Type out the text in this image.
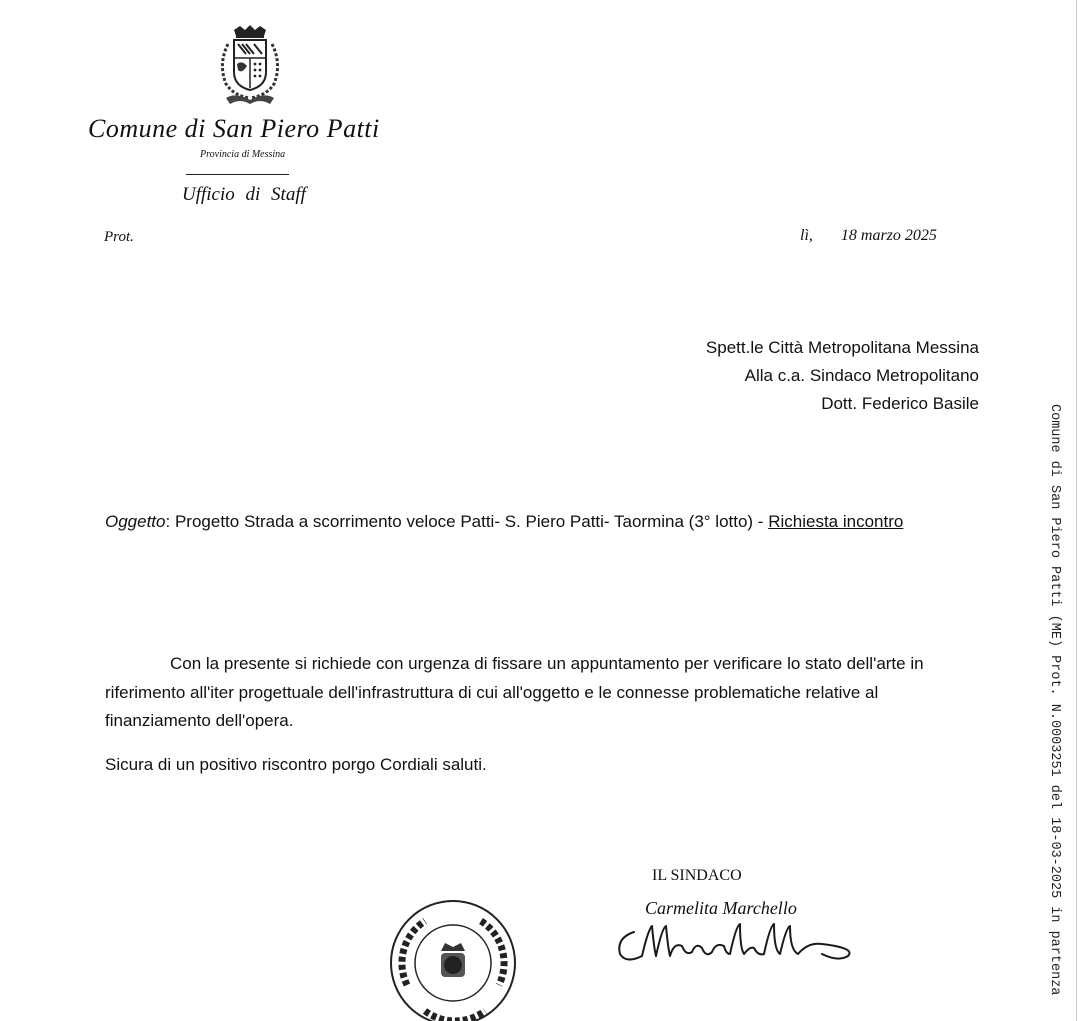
Comune di San Piero Patti
Provincia di Messina
Ufficio di Staff
Prot.	lì, 18 marzo 2025
Spett.le Città Metropolitana Messina
Alla c.a. Sindaco Metropolitano
Dott. Federico Basile
Oggetto: Progetto Strada a scorrimento veloce Patti- S. Piero Patti- Taormina (3° lotto) - Richiesta incontro
Con la presente si richiede con urgenza di fissare un appuntamento per verificare lo stato dell'arte in riferimento all'iter progettuale dell'infrastruttura di cui all'oggetto e le connesse problematiche relative al finanziamento dell'opera.
Sicura di un positivo riscontro porgo Cordiali saluti.
IL SINDACO
Carmelita Marchello	Comune di San Piero Patti (ME) Prot. N.0003251 del 18-03-2025 in partenza
